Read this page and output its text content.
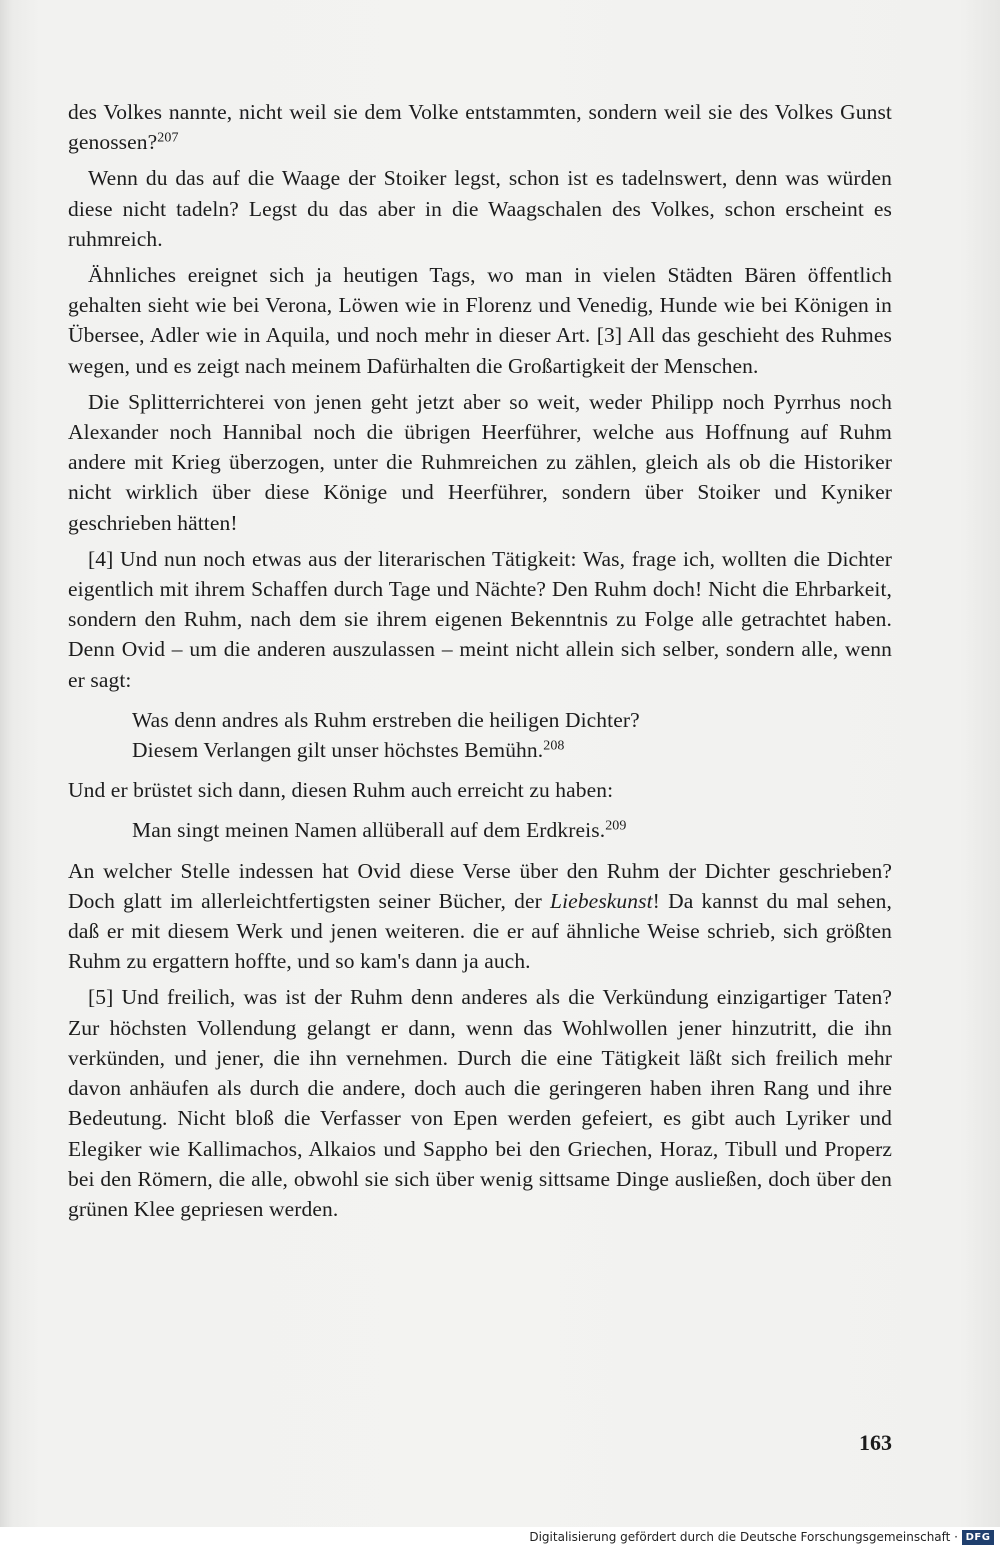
des Volkes nannte, nicht weil sie dem Volke entstammten, sondern weil sie des Volkes Gunst genossen?$^{207}$

Wenn du das auf die Waage der Stoiker legst, schon ist es tadelnswert, denn was würden diese nicht tadeln? Legst du das aber in die Waagschalen des Volkes, schon erscheint es ruhmreich.

Ähnliches ereignet sich ja heutigen Tags, wo man in vielen Städten Bären öffentlich gehalten sieht wie bei Verona, Löwen wie in Florenz und Venedig, Hunde wie bei Königen in Übersee, Adler wie in Aquila, und noch mehr in dieser Art. [3] All das geschieht des Ruhmes wegen, und es zeigt nach meinem Dafürhalten die Großartigkeit der Menschen.

Die Splitterrichterei von jenen geht jetzt aber so weit, weder Philipp noch Pyrrhus noch Alexander noch Hannibal noch die übrigen Heerführer, welche aus Hoffnung auf Ruhm andere mit Krieg überzogen, unter die Ruhmreichen zu zählen, gleich als ob die Historiker nicht wirklich über diese Könige und Heerführer, sondern über Stoiker und Kyniker geschrieben hätten!

[4] Und nun noch etwas aus der literarischen Tätigkeit: Was, frage ich, wollten die Dichter eigentlich mit ihrem Schaffen durch Tage und Nächte? Den Ruhm doch! Nicht die Ehrbarkeit, sondern den Ruhm, nach dem sie ihrem eigenen Bekenntnis zu Folge alle getrachtet haben. Denn Ovid – um die anderen auszulassen – meint nicht allein sich selber, sondern alle, wenn er sagt:

Was denn andres als Ruhm erstreben die heiligen Dichter?
Diesem Verlangen gilt unser höchstes Bemühn.$^{208}$

Und er brüstet sich dann, diesen Ruhm auch erreicht zu haben:

Man singt meinen Namen allüberall auf dem Erdkreis.$^{209}$

An welcher Stelle indessen hat Ovid diese Verse über den Ruhm der Dichter geschrieben? Doch glatt im allerleichtfertigsten seiner Bücher, der Liebeskunst! Da kannst du mal sehen, daß er mit diesem Werk und jenen weiteren. die er auf ähnliche Weise schrieb, sich größten Ruhm zu ergattern hoffte, und so kam's dann ja auch.

[5] Und freilich, was ist der Ruhm denn anderes als die Verkündung einzigartiger Taten? Zur höchsten Vollendung gelangt er dann, wenn das Wohlwollen jener hinzutritt, die ihn verkünden, und jener, die ihn vernehmen. Durch die eine Tätigkeit läßt sich freilich mehr davon anhäufen als durch die andere, doch auch die geringeren haben ihren Rang und ihre Bedeutung. Nicht bloß die Verfasser von Epen werden gefeiert, es gibt auch Lyriker und Elegiker wie Kallimachos, Alkaios und Sappho bei den Griechen, Horaz, Tibull und Properz bei den Römern, die alle, obwohl sie sich über wenig sittsame Dinge ausließen, doch über den grünen Klee gepriesen werden.

163
Digitalisierung gefördert durch die Deutsche Forschungsgemeinschaft · DFG
